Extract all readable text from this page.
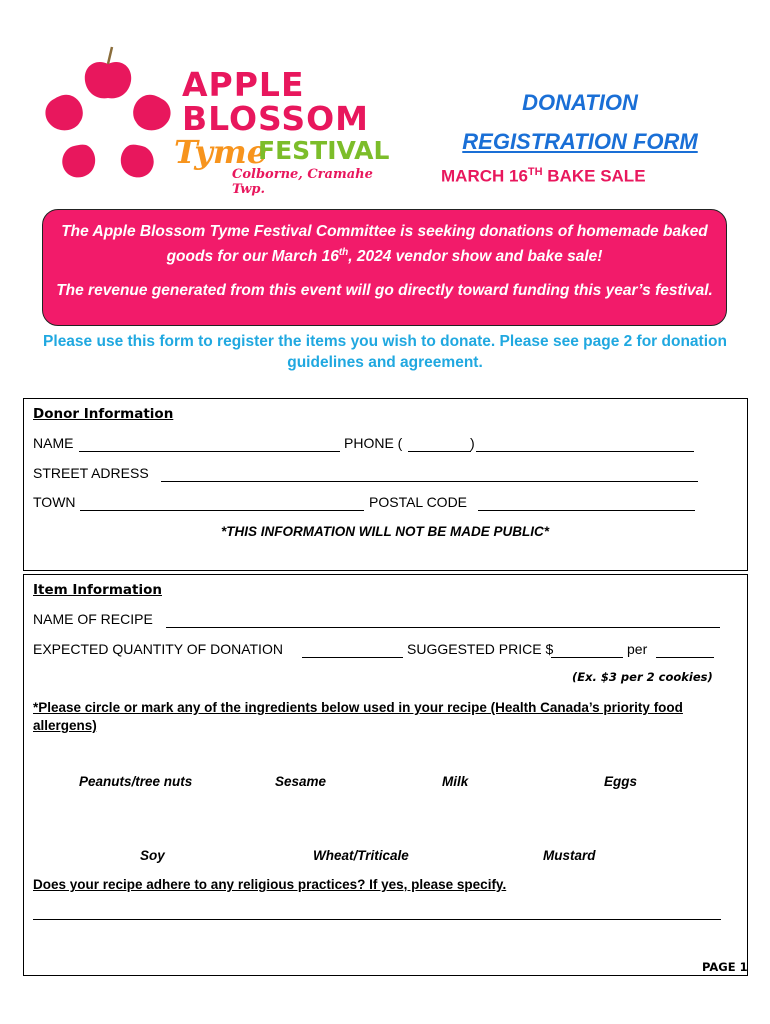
APPLE
BLOSSOM
Tyme
FESTIVAL
Colborne, Cramahe Twp.
DONATION
REGISTRATION FORM
MARCH 16TH BAKE SALE

The Apple Blossom Tyme Festival Committee is seeking donations of homemade baked goods for our March 16th, 2024 vendor show and bake sale!

The revenue generated from this event will go directly toward funding this year’s festival.

Please use this form to register the items you wish to donate. Please see page 2 for donation guidelines and agreement.
Donor Information
NAME	PHONE (	)
STREET ADRESS
TOWN	POSTAL CODE
*THIS INFORMATION WILL NOT BE MADE PUBLIC*
Item Information
NAME OF RECIPE
EXPECTED QUANTITY OF DONATION	SUGGESTED PRICE $	per
(Ex. $3 per 2 cookies)
*Please circle or mark any of the ingredients below used in your recipe (Health Canada’s priority food allergens)
Peanuts/tree nuts	Sesame	Milk	Eggs
Soy	Wheat/Triticale	Mustard
Does your recipe adhere to any religious practices? If yes, please specify.
PAGE 1
